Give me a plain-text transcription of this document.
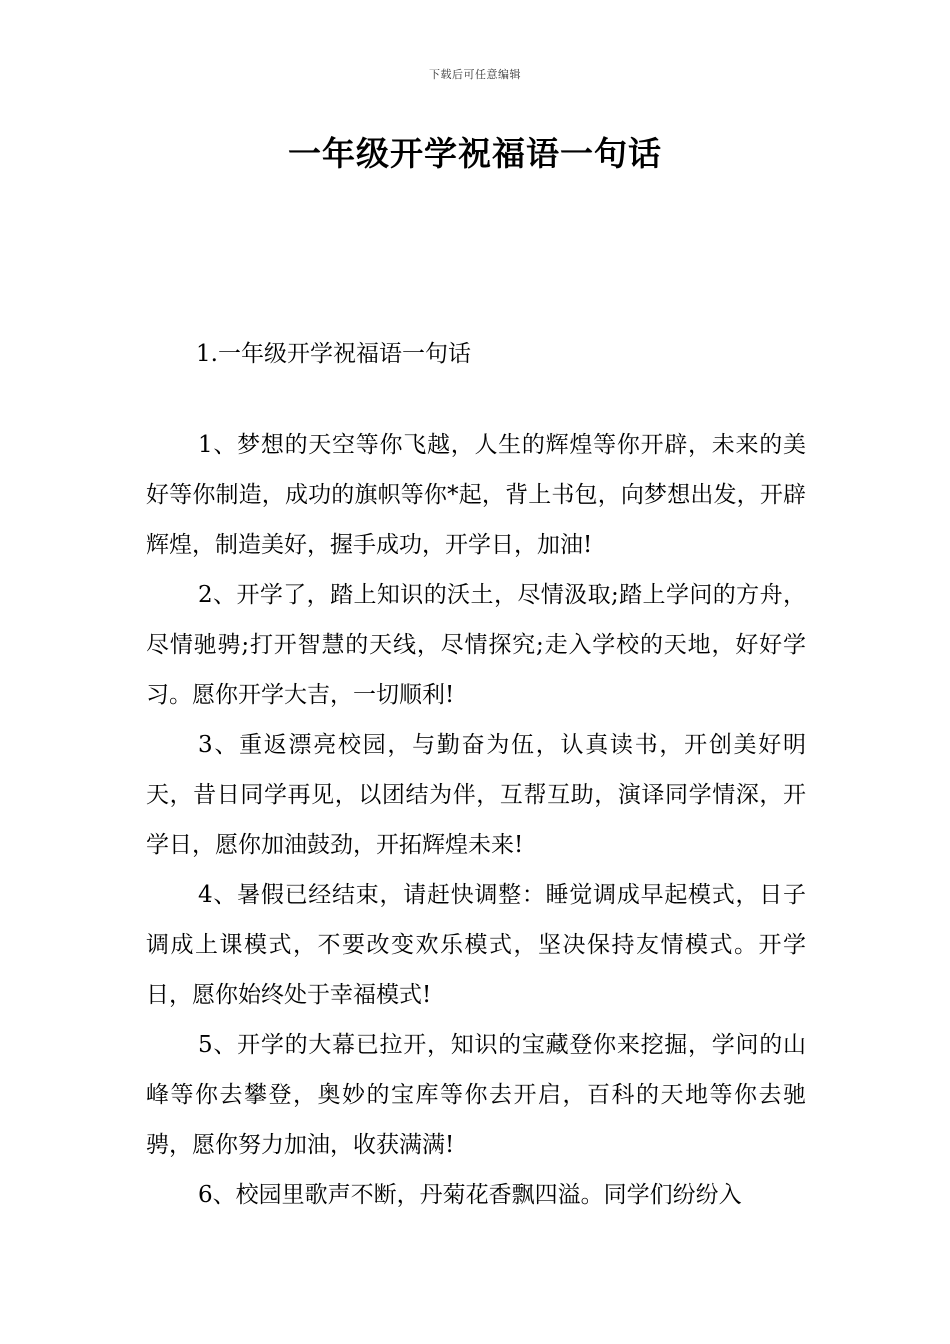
下载后可任意编辑
一年级开学祝福语一句话
1.一年级开学祝福语一句话

1、梦想的天空等你飞越，人生的辉煌等你开辟，未来的美好等你制造，成功的旗帜等你*起，背上书包，向梦想出发，开辟辉煌，制造美好，握手成功，开学日，加油!

2、开学了，踏上知识的沃土，尽情汲取;踏上学问的方舟，尽情驰骋;打开智慧的天线，尽情探究;走入学校的天地，好好学习。愿你开学大吉，一切顺利!

3、重返漂亮校园，与勤奋为伍，认真读书，开创美好明天，昔日同学再见，以团结为伴，互帮互助，演译同学情深，开学日，愿你加油鼓劲，开拓辉煌未来!

4、暑假已经结束，请赶快调整：睡觉调成早起模式，日子调成上课模式，不要改变欢乐模式，坚决保持友情模式。开学日，愿你始终处于幸福模式!

5、开学的大幕已拉开，知识的宝藏登你来挖掘，学问的山峰等你去攀登，奥妙的宝库等你去开启，百科的天地等你去驰骋，愿你努力加油，收获满满!

6、校园里歌声不断，丹菊花香飘四溢。同学们纷纷入
